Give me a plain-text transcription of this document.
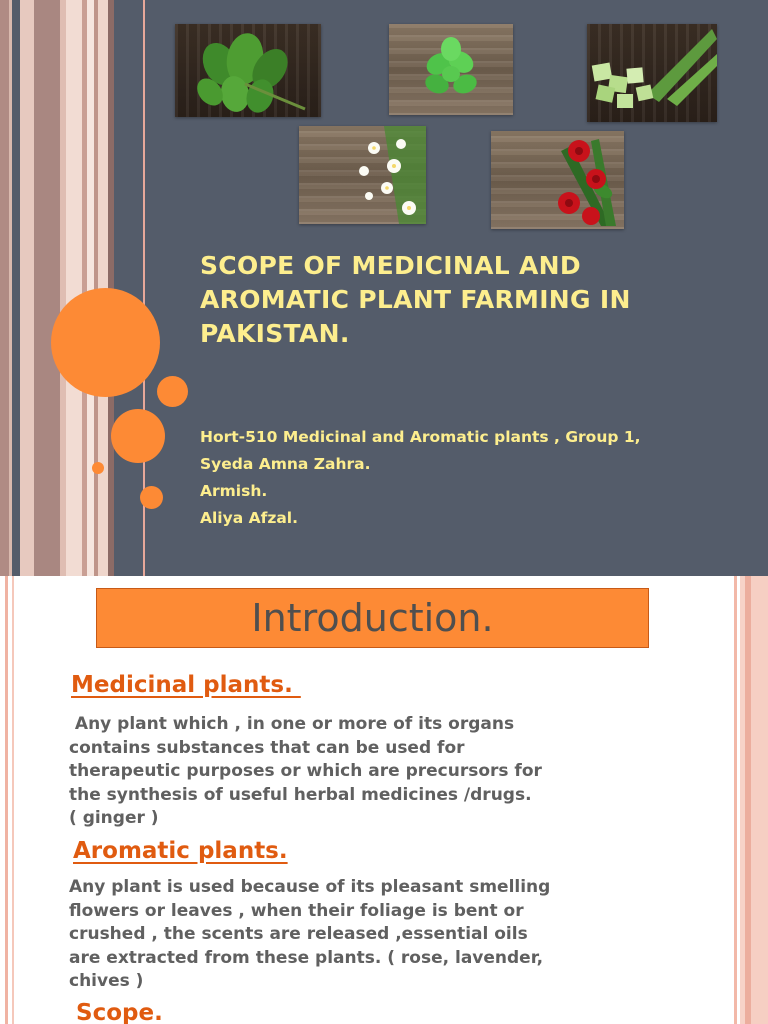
SCOPE OF MEDICINAL AND
AROMATIC PLANT FARMING IN
PAKISTAN.
Hort-510 Medicinal and Aromatic plants , Group 1,
Syeda Amna Zahra.
Armish.
Aliya Afzal.
Introduction.
Medicinal plants.
Any plant which , in one or more of its organs
contains substances that can be used for
therapeutic purposes or which are precursors for
the synthesis of useful herbal medicines /drugs.
( ginger )
Aromatic plants.
Any plant is used because of its pleasant smelling
flowers or leaves , when their foliage is bent or
crushed , the scents are released ,essential oils
are extracted from these plants. ( rose, lavender,
chives )
Scope.
